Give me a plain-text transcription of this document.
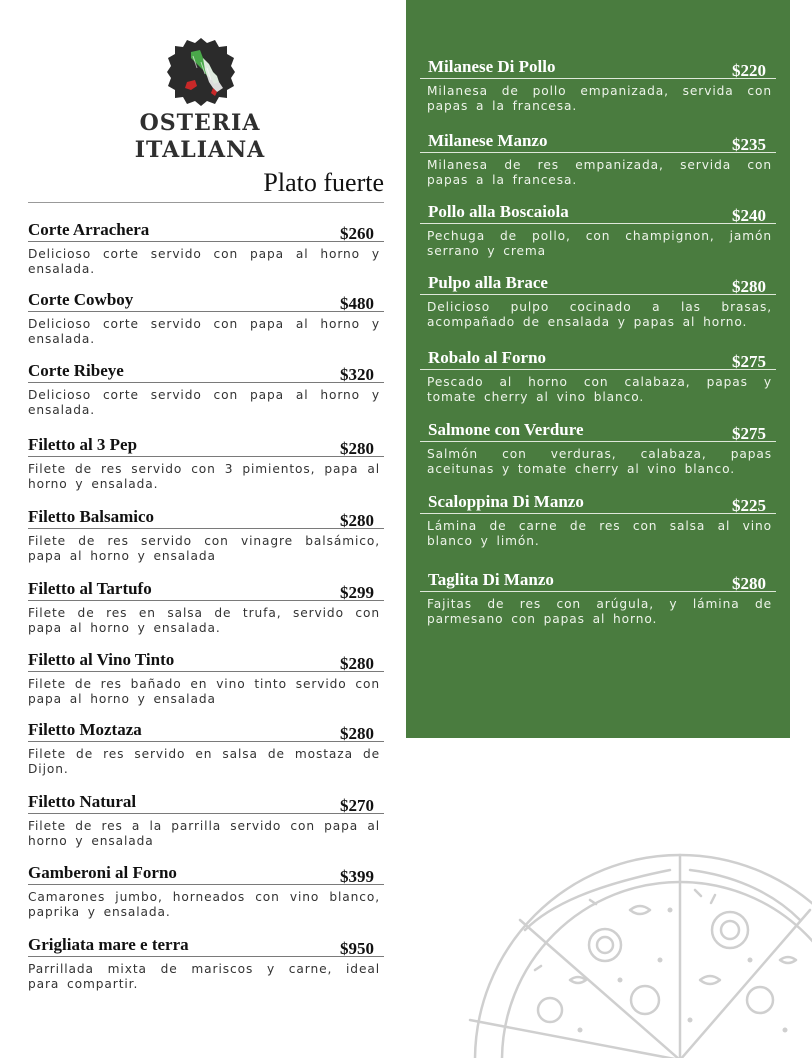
OSTERIA
ITALIANA
Plato fuerte
Corte Arrachera	$260
Delicioso corte servido con papa al horno y ensalada.
Corte Cowboy	$480
Delicioso corte servido con papa al horno y ensalada.
Corte Ribeye	$320
Delicioso corte servido con papa al horno y ensalada.
Filetto al 3 Pep	$280
Filete de res servido con 3 pimientos, papa al horno y ensalada.
Filetto Balsamico	$280
Filete de res servido con vinagre balsámico, papa al horno y ensalada
Filetto al Tartufo	$299
Filete de res en salsa de trufa, servido con papa al horno y ensalada.
Filetto al Vino Tinto	$280
Filete de res bañado en vino tinto servido con papa al horno y ensalada
Filetto Moztaza	$280
Filete de res servido en salsa de mostaza de Dijon.
Filetto Natural	$270
Filete de res a la parrilla servido con papa al horno y ensalada
Gamberoni al Forno	$399
Camarones jumbo, horneados con vino blanco, paprika y ensalada.
Grigliata mare e terra	$950
Parrillada mixta de mariscos y carne, ideal para compartir.
Milanese Di Pollo	$220
Milanesa de pollo empanizada, servida con papas a la francesa.
Milanese Manzo	$235
Milanesa de res empanizada, servida con papas a la francesa.
Pollo alla Boscaiola	$240
Pechuga de pollo, con champignon, jamón serrano y crema
Pulpo alla Brace	$280
Delicioso pulpo cocinado a las brasas, acompañado de ensalada y papas al horno.
Robalo al Forno	$275
Pescado al horno con calabaza, papas y tomate cherry al vino blanco.
Salmone con Verdure	$275
Salmón con verduras, calabaza, papas aceitunas y tomate cherry al vino blanco.
Scaloppina Di Manzo	$225
Lámina de carne de res con salsa al vino blanco y limón.
Taglita Di Manzo	$280
Fajitas de res con arúgula, y lámina de parmesano con papas al horno.
